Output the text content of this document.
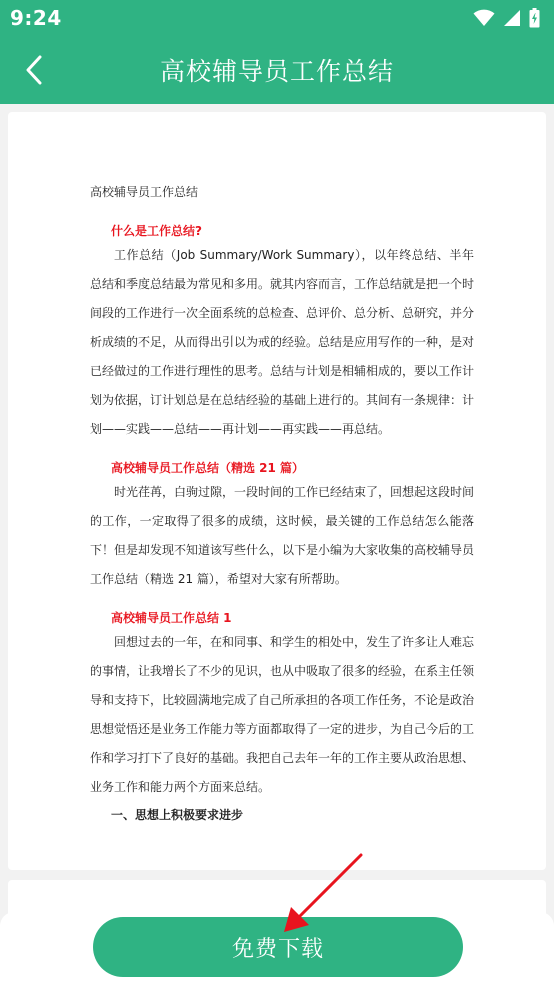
9:24
高校辅导员工作总结
高校辅导员工作总结
什么是工作总结?

工作总结（Job Summary/Work Summary），以年终总结、半年总结和季度总结最为常见和多用。就其内容而言，工作总结就是把一个时间段的工作进行一次全面系统的总检查、总评价、总分析、总研究，并分析成绩的不足，从而得出引以为戒的经验。总结是应用写作的一种，是对已经做过的工作进行理性的思考。总结与计划是相辅相成的，要以工作计划为依据，订计划总是在总结经验的基础上进行的。其间有一条规律：计划——实践——总结——再计划——再实践——再总结。

高校辅导员工作总结（精选 21 篇）

时光荏苒，白驹过隙，一段时间的工作已经结束了，回想起这段时间的工作，一定取得了很多的成绩，这时候，最关键的工作总结怎么能落下！但是却发现不知道该写些什么，以下是小编为大家收集的高校辅导员工作总结（精选 21 篇），希望对大家有所帮助。

高校辅导员工作总结 1

回想过去的一年，在和同事、和学生的相处中，发生了许多让人难忘的事情，让我增长了不少的见识，也从中吸取了很多的经验，在系主任领导和支持下，比较圆满地完成了自己所承担的各项工作任务，不论是政治思想觉悟还是业务工作能力等方面都取得了一定的进步，为自己今后的工作和学习打下了良好的基础。我把自己去年一年的工作主要从政治思想、业务工作和能力两个方面来总结。

一、思想上积极要求进步
免费下载
